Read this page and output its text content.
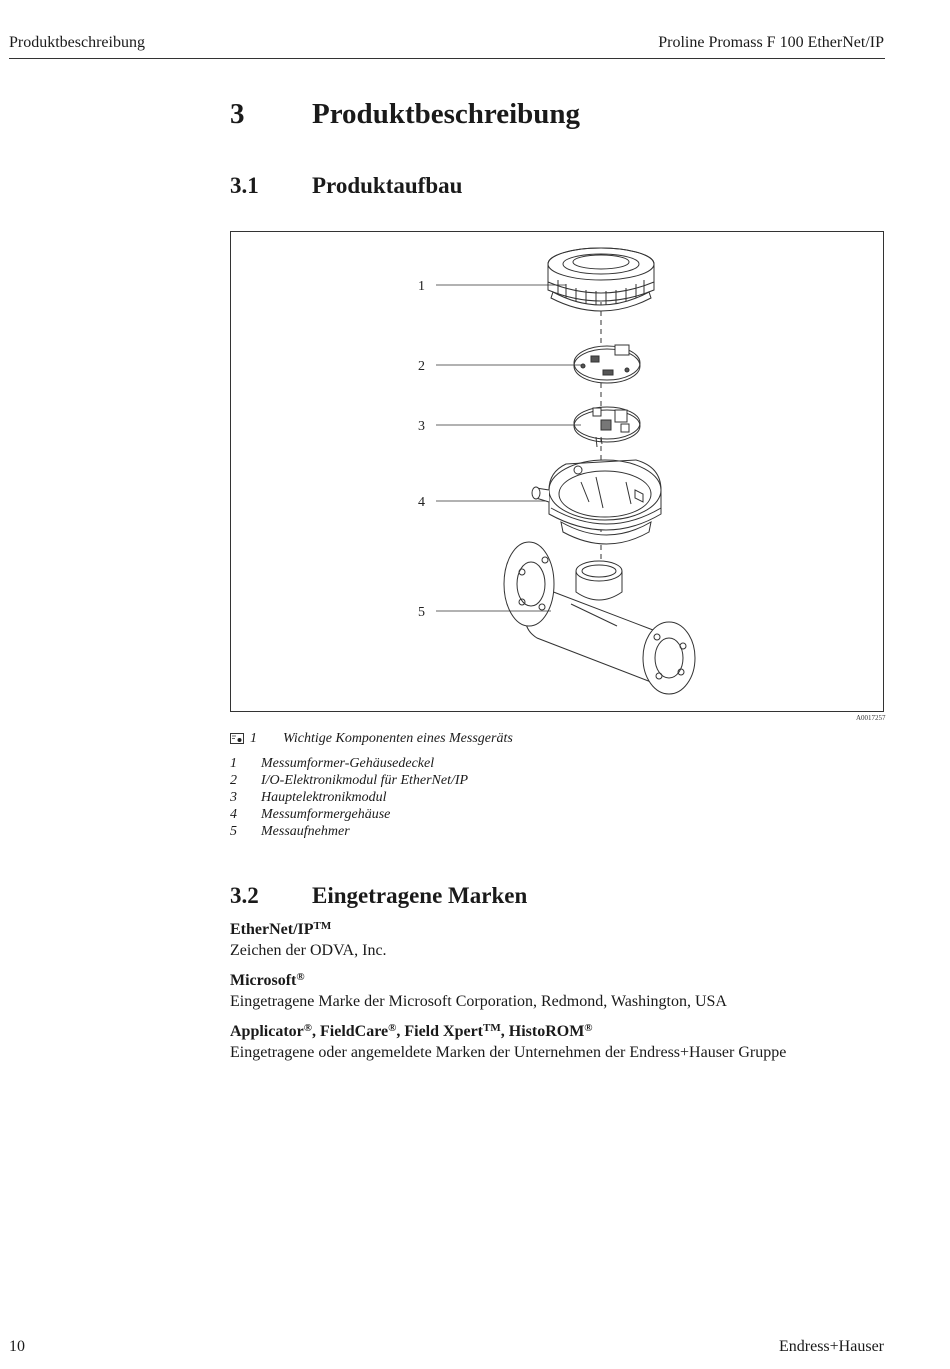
Produktbeschreibung	Proline Promass F 100 EtherNet/IP
3 Produktbeschreibung
3.1 Produktaufbau
1
2
3
4
5
A0017257
1 Wichtige Komponenten eines Messgeräts
1 Messumformer-Gehäusedeckel
2 I/O-Elektronikmodul für EtherNet/IP
3 Hauptelektronikmodul
4 Messumformergehäuse
5 Messaufnehmer
3.2 Eingetragene Marken
EtherNet/IP™
Zeichen der ODVA, Inc.
Microsoft®
Eingetragene Marke der Microsoft Corporation, Redmond, Washington, USA
Applicator®, FieldCare®, Field Xpert™, HistoROM®
Eingetragene oder angemeldete Marken der Unternehmen der Endress+Hauser Gruppe
10	Endress+Hauser
